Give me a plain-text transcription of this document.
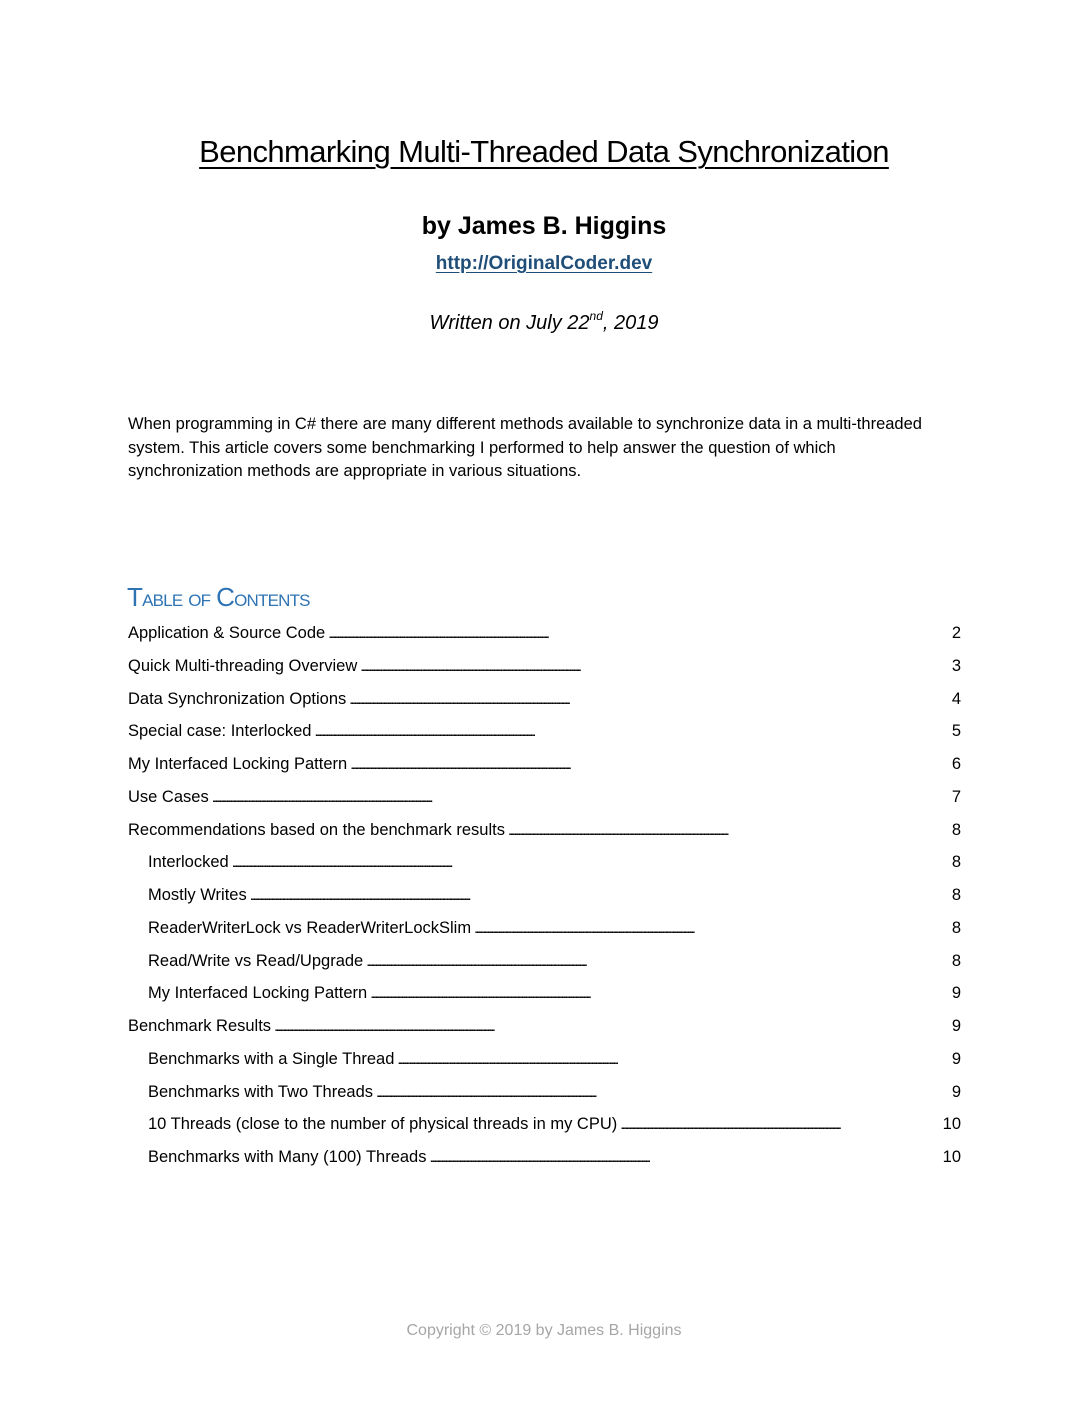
Benchmarking Multi-Threaded Data Synchronization
by James B. Higgins
http://OriginalCoder.dev
Written on July 22nd, 2019
When programming in C# there are many different methods available to synchronize data in a multi-threaded system. This article covers some benchmarking I performed to help answer the question of which synchronization methods are appropriate in various situations.
Table of Contents
Application & Source Code . . .	2
Quick Multi-threading Overview . . .	3
Data Synchronization Options . . .	4
Special case: Interlocked . . .	5
My Interfaced Locking Pattern . . .	6
Use Cases . . .	7
Recommendations based on the benchmark results . . .	8
Interlocked . . .	8
Mostly Writes . . .	8
ReaderWriterLock vs ReaderWriterLockSlim . . .	8
Read/Write vs Read/Upgrade . . .	8
My Interfaced Locking Pattern . . .	9
Benchmark Results . . .	9
Benchmarks with a Single Thread . . .	9
Benchmarks with Two Threads . . .	9
10 Threads (close to the number of physical threads in my CPU) . . .	10
Benchmarks with Many (100) Threads . . .	10
Copyright © 2019 by James B. Higgins
